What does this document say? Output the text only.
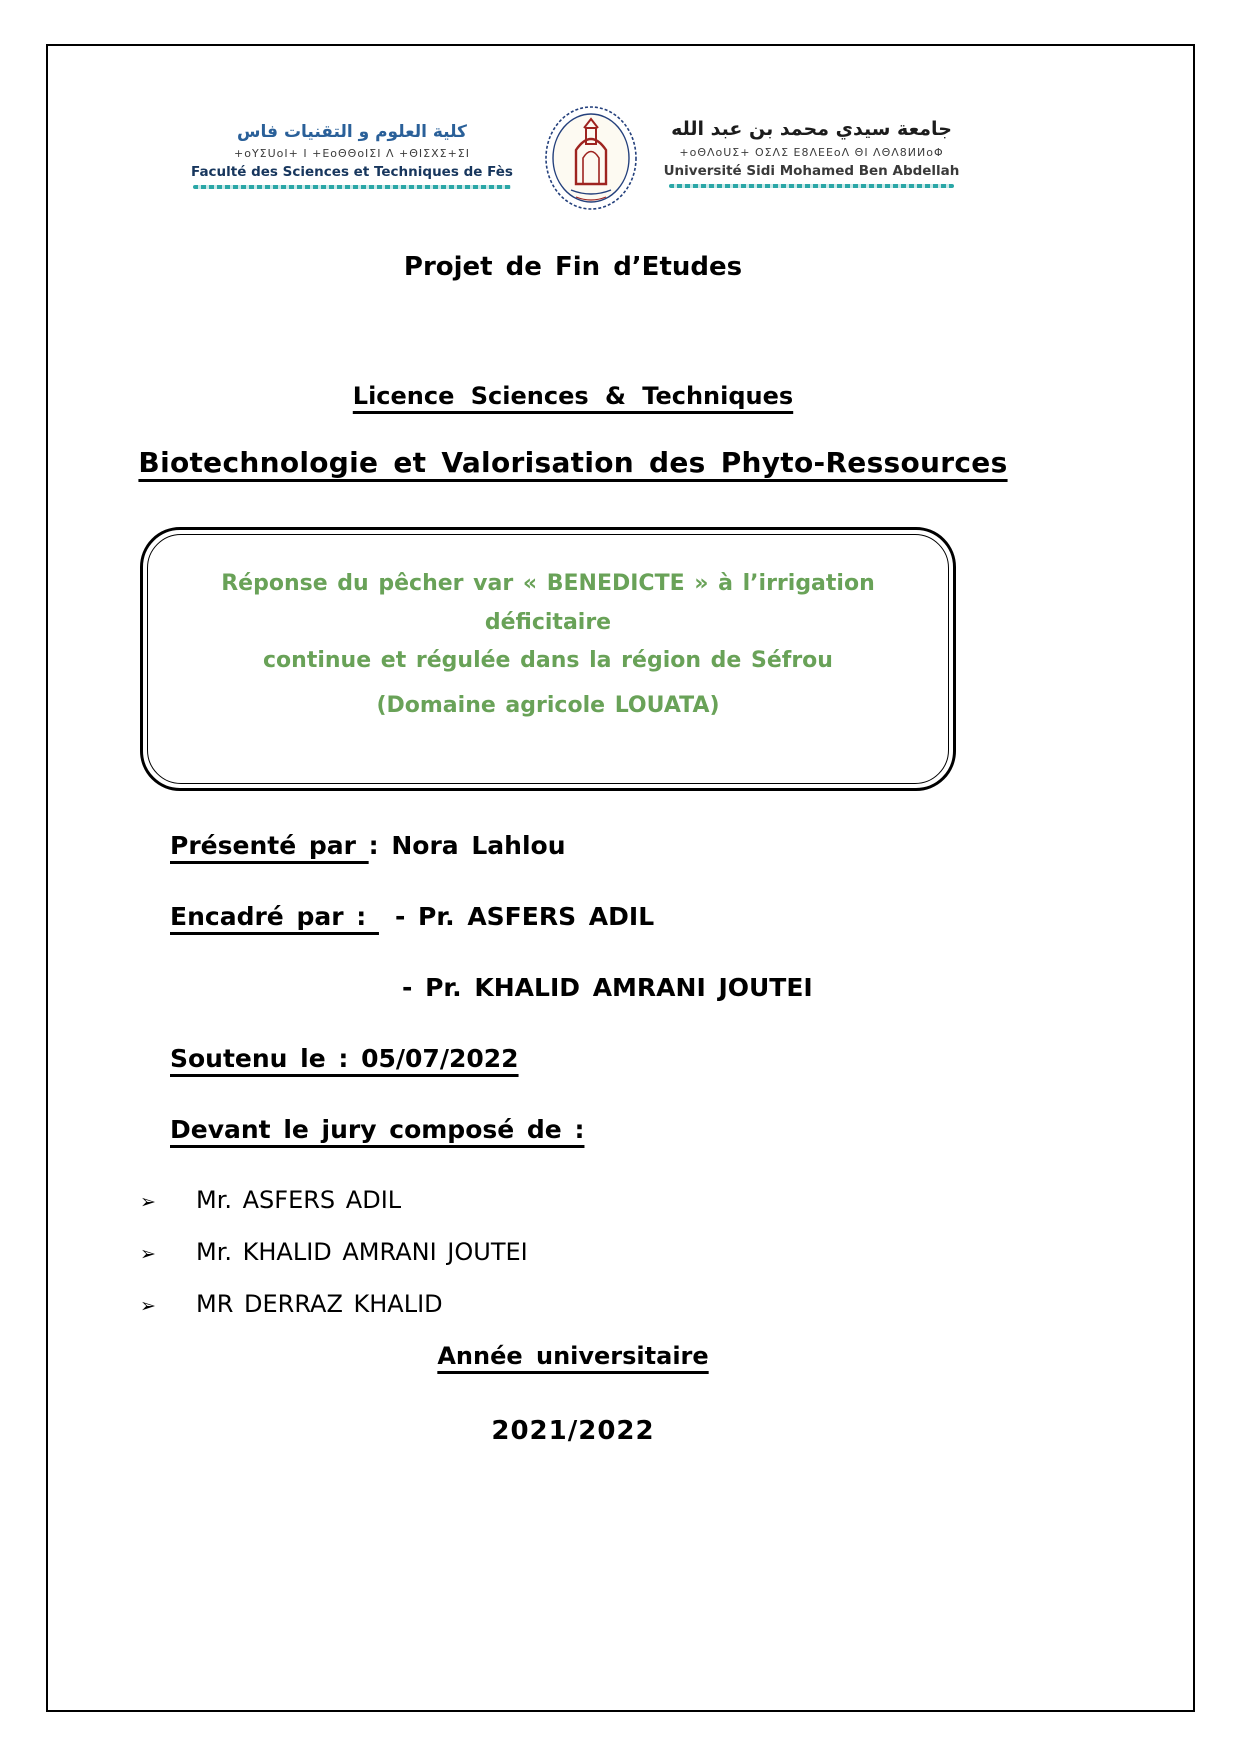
كلية العلوم و التقنيات فاس
+oYΣUoI+ I +EoΘΘoIΣI Λ +ΘIΣXΣ+ΣI
Faculté des Sciences et Techniques de Fès
جامعة سيدي محمد بن عبد الله
+oΘΛoUΣ+ OΣΛΣ E8ΛEEoΛ ΘI ΛΘΛ8ИИoΦ
Université Sidi Mohamed Ben Abdellah
Projet de Fin d’Etudes
Licence Sciences & Techniques
Biotechnologie et Valorisation des Phyto-Ressources

Réponse du pêcher var « BENEDICTE » à l’irrigation déficitaire

continue et régulée dans la région de Séfrou

(Domaine agricole LOUATA)

Présenté par : Nora Lahlou

Encadré par : - Pr. ASFERS ADIL

- Pr. KHALID AMRANI JOUTEI

Soutenu le : 05/07/2022

Devant le jury composé de :

➢	Mr. ASFERS ADIL
➢	Mr. KHALID AMRANI JOUTEI
➢	MR DERRAZ KHALID

Année universitaire

2021/2022
